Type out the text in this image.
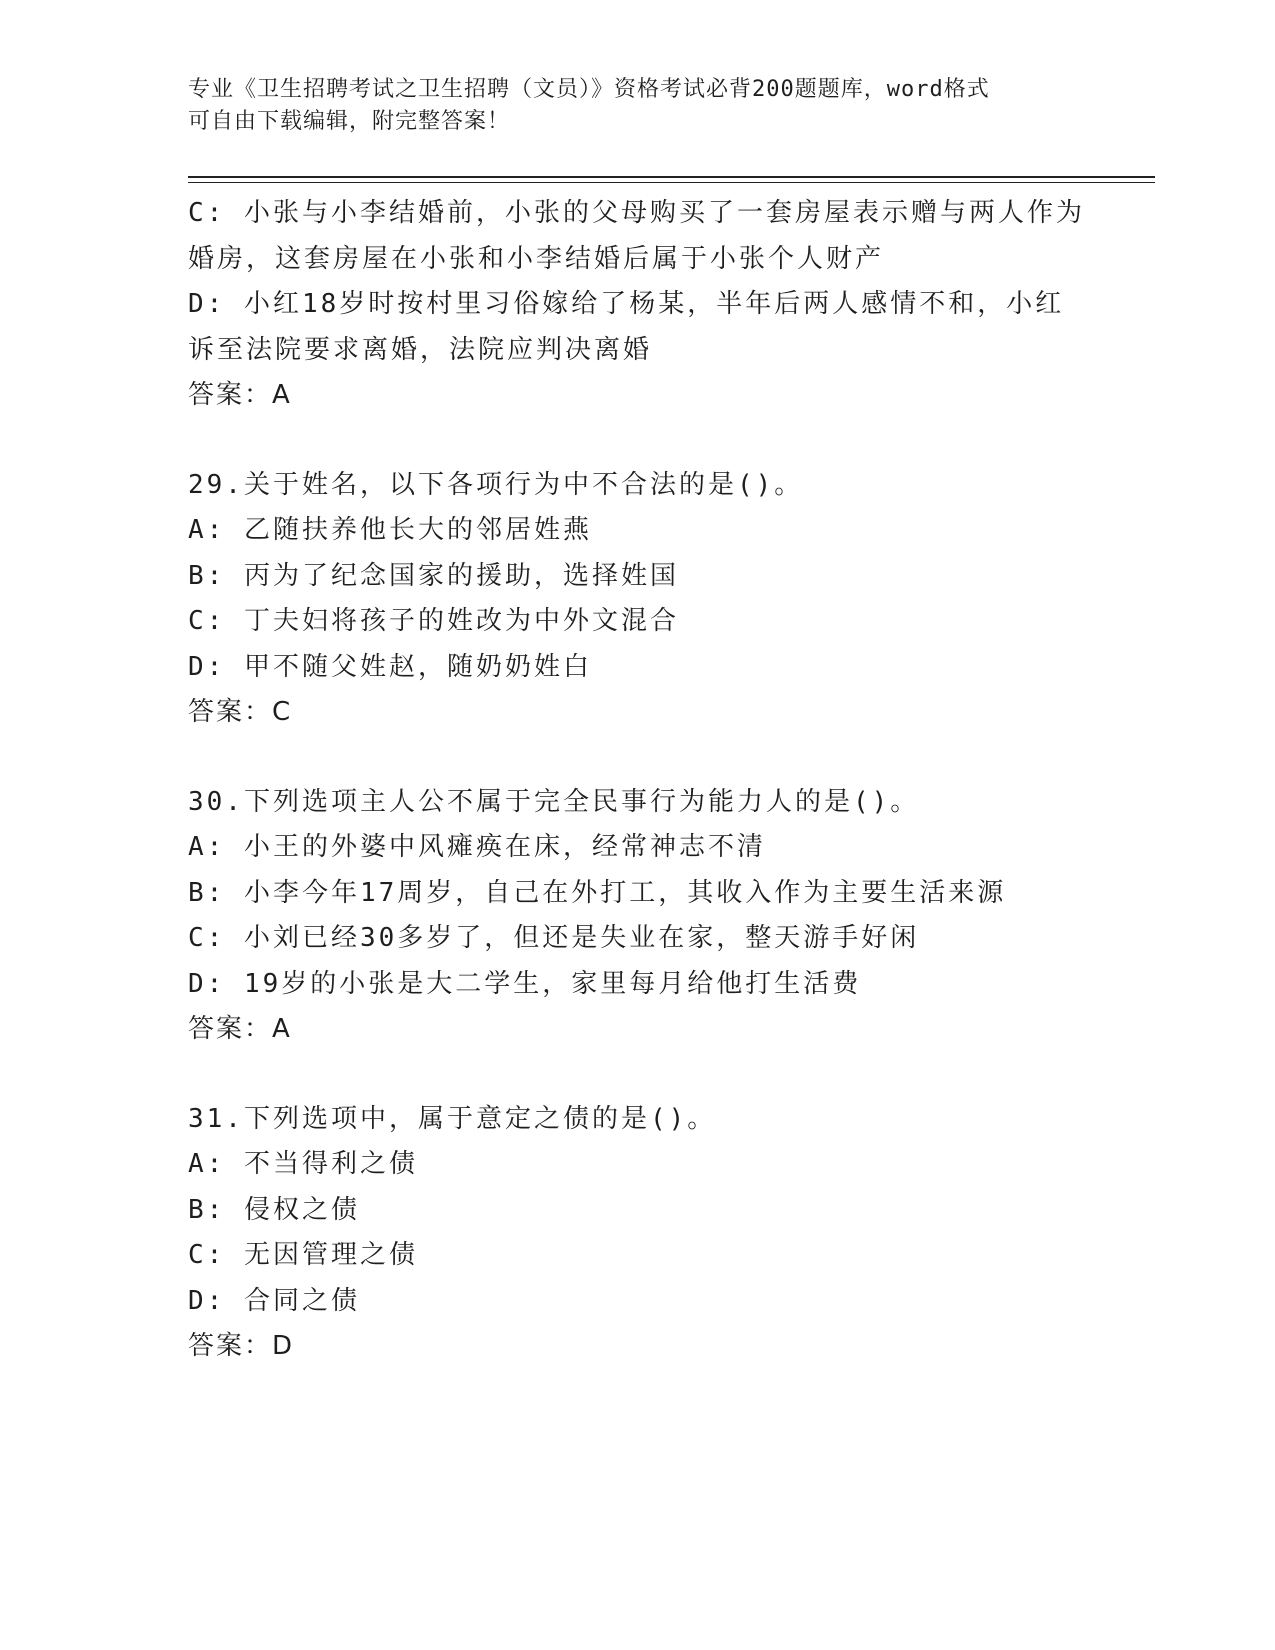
专业《卫生招聘考试之卫生招聘（文员）》资格考试必背200题题库，word格式
可自由下载编辑，附完整答案！
C: 小张与小李结婚前，小张的父母购买了一套房屋表示赠与两人作为
婚房，这套房屋在小张和小李结婚后属于小张个人财产
D: 小红18岁时按村里习俗嫁给了杨某，半年后两人感情不和，小红
诉至法院要求离婚，法院应判决离婚
答案：A
29.关于姓名，以下各项行为中不合法的是()。
A: 乙随扶养他长大的邻居姓燕
B: 丙为了纪念国家的援助，选择姓国
C: 丁夫妇将孩子的姓改为中外文混合
D: 甲不随父姓赵，随奶奶姓白
答案：C
30.下列选项主人公不属于完全民事行为能力人的是()。
A: 小王的外婆中风瘫痪在床，经常神志不清
B: 小李今年17周岁，自己在外打工，其收入作为主要生活来源
C: 小刘已经30多岁了，但还是失业在家，整天游手好闲
D: 19岁的小张是大二学生，家里每月给他打生活费
答案：A
31.下列选项中，属于意定之债的是()。
A: 不当得利之债
B: 侵权之债
C: 无因管理之债
D: 合同之债
答案：D
